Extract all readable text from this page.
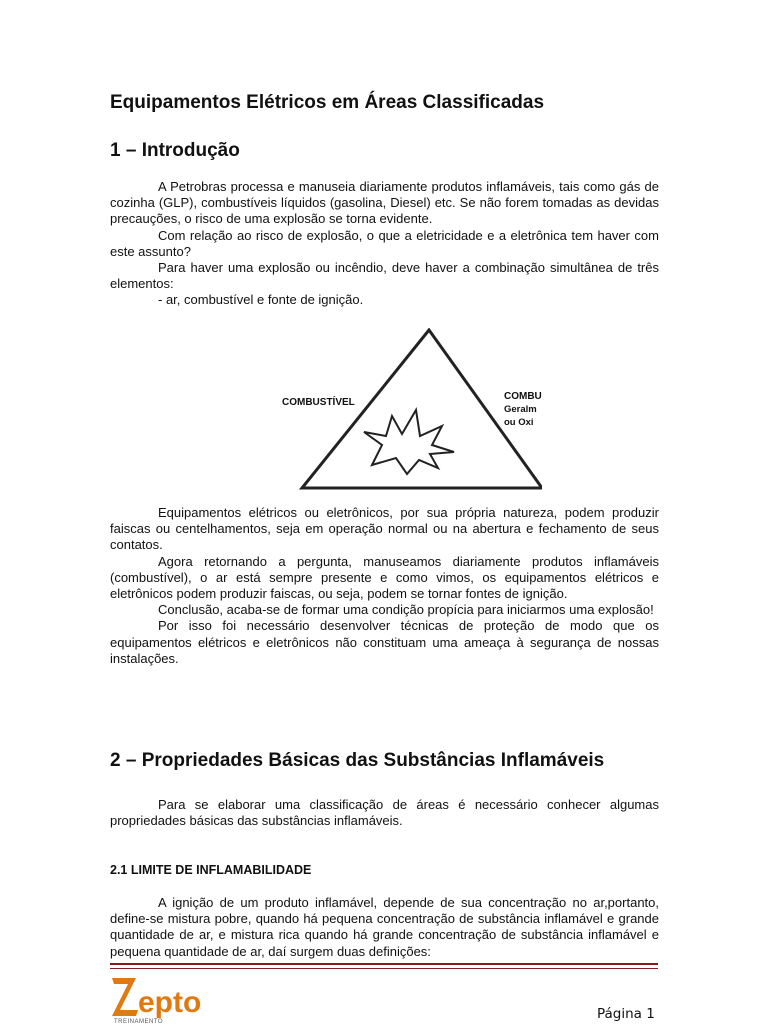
Equipamentos Elétricos em Áreas Classificadas
1 – Introdução

A Petrobras processa e manuseia diariamente produtos inflamáveis, tais como gás de cozinha (GLP), combustíveis líquidos (gasolina, Diesel) etc. Se não forem tomadas as devidas precauções, o risco de uma explosão se torna evidente.

Com relação ao risco de explosão, o que a eletricidade e a eletrônica tem haver com este assunto?

Para haver uma explosão ou incêndio, deve haver a combinação simultânea de três elementos:

- ar, combustível e fonte de ignição.

COMBUSTÍVEL
COMBU
Geralm
ou Oxi

Equipamentos elétricos ou eletrônicos, por sua própria natureza, podem produzir faiscas ou centelhamentos, seja em operação normal ou na abertura e fechamento de seus contatos.

Agora retornando a pergunta, manuseamos diariamente produtos inflamáveis (combustível), o ar está sempre presente e como vimos, os equipamentos elétricos e eletrônicos podem produzir faiscas, ou seja, podem se tornar fontes de ignição.

Conclusão, acaba-se de formar uma condição propícia para iniciarmos uma explosão!

Por isso foi necessário desenvolver técnicas de proteção de modo que os equipamentos elétricos e eletrônicos não constituam uma ameaça à segurança de nossas instalações.

2 – Propriedades Básicas das Substâncias Inflamáveis

Para se elaborar uma classificação de áreas é necessário conhecer algumas propriedades básicas das substâncias inflamáveis.

2.1 LIMITE DE INFLAMABILIDADE

A ignição de um produto inflamável, depende de sua concentração no ar,portanto, define-se mistura pobre, quando há pequena concentração de substância inflamável e grande quantidade de ar, e mistura rica quando há grande concentração de substância inflamável e pequena quantidade de ar, daí surgem duas definições:

epto
TREINAMENTO	Página 1
